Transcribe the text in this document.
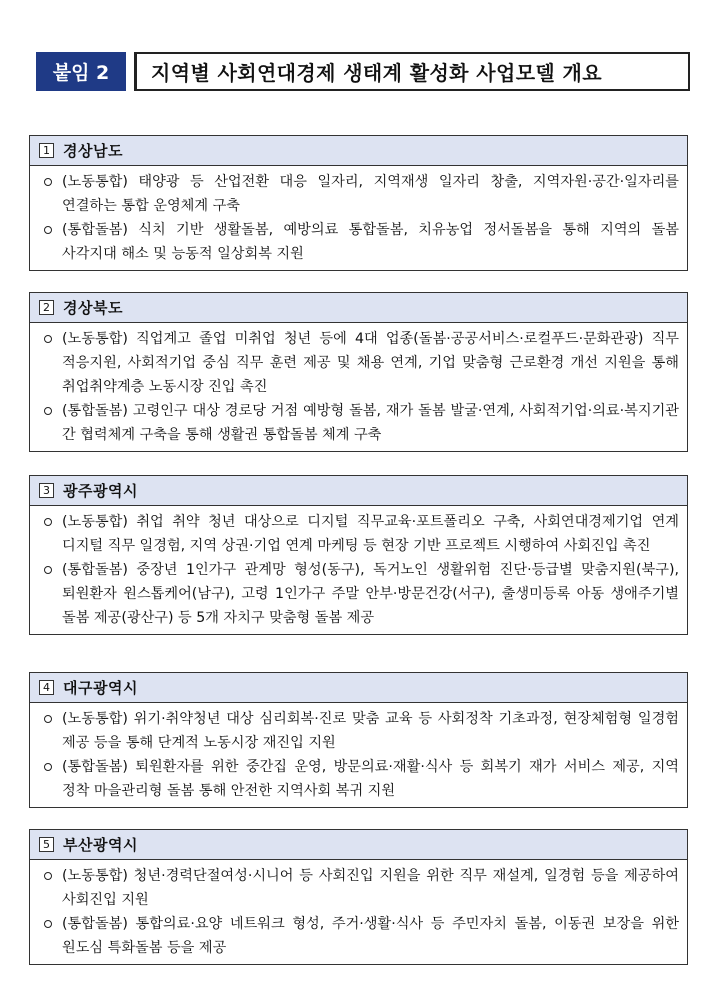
붙임 2	지역별 사회연대경제 생태계 활성화 사업모델 개요
1 경상남도
(노동통합) 태양광 등 산업전환 대응 일자리, 지역재생 일자리 창출, 지역자원·공간·일자리를 연결하는 통합 운영체계 구축
(통합돌봄) 식치 기반 생활돌봄, 예방의료 통합돌봄, 치유농업 정서돌봄을 통해 지역의 돌봄 사각지대 해소 및 능동적 일상회복 지원
2 경상북도
(노동통합) 직업계고 졸업 미취업 청년 등에 4대 업종(돌봄·공공서비스·로컬푸드·문화관광) 직무 적응지원, 사회적기업 중심 직무 훈련 제공 및 채용 연계, 기업 맞춤형 근로환경 개선 지원을 통해 취업취약계층 노동시장 진입 촉진
(통합돌봄) 고령인구 대상 경로당 거점 예방형 돌봄, 재가 돌봄 발굴·연계, 사회적기업·의료·복지기관 간 협력체계 구축을 통해 생활권 통합돌봄 체계 구축
3 광주광역시
(노동통합) 취업 취약 청년 대상으로 디지털 직무교육·포트폴리오 구축, 사회연대경제기업 연계 디지털 직무 일경험, 지역 상권·기업 연계 마케팅 등 현장 기반 프로젝트 시행하여 사회진입 촉진
(통합돌봄) 중장년 1인가구 관계망 형성(동구), 독거노인 생활위험 진단·등급별 맞춤지원(북구), 퇴원환자 원스톱케어(남구), 고령 1인가구 주말 안부·방문건강(서구), 출생미등록 아동 생애주기별 돌봄 제공(광산구) 등 5개 자치구 맞춤형 돌봄 제공
4 대구광역시
(노동통합) 위기·취약청년 대상 심리회복·진로 맞춤 교육 등 사회정착 기초과정, 현장체험형 일경험 제공 등을 통해 단계적 노동시장 재진입 지원
(통합돌봄) 퇴원환자를 위한 중간집 운영, 방문의료·재활·식사 등 회복기 재가 서비스 제공, 지역 정착 마을관리형 돌봄 통해 안전한 지역사회 복귀 지원
5 부산광역시
(노동통합) 청년·경력단절여성·시니어 등 사회진입 지원을 위한 직무 재설계, 일경험 등을 제공하여 사회진입 지원
(통합돌봄) 통합의료·요양 네트워크 형성, 주거·생활·식사 등 주민자치 돌봄, 이동권 보장을 위한 원도심 특화돌봄 등을 제공
